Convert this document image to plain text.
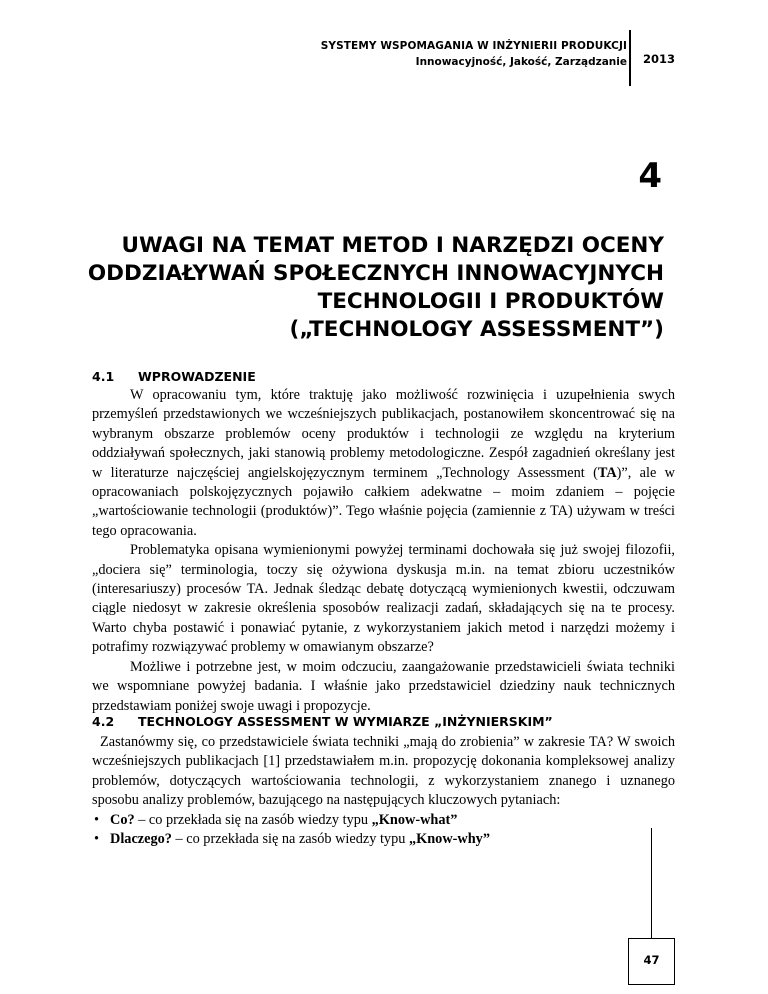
SYSTEMY WSPOMAGANIA W INŻYNIERII PRODUKCJI
Innowacyjność, Jakość, Zarządzanie 2013
4
UWAGI NA TEMAT METOD I NARZĘDZI OCENY
ODDZIAŁYWAŃ SPOŁECZNYCH INNOWACYJNYCH
TECHNOLOGII I PRODUKTÓW
(„TECHNOLOGY ASSESSMENT”)
4.1 WPROWADZENIE

W opracowaniu tym, które traktuję jako możliwość rozwinięcia i uzupełnienia swych przemyśleń przedstawionych we wcześniejszych publikacjach, postanowiłem skoncentrować się na wybranym obszarze problemów oceny produktów i technologii ze względu na kryterium oddziaływań społecznych, jaki stanowią problemy metodologiczne. Zespół zagadnień określany jest w literaturze najczęściej angielskojęzycznym terminem „Technology Assessment (TA)”, ale w opracowaniach polskojęzycznych pojawiło całkiem adekwatne – moim zdaniem – pojęcie „wartościowanie technologii (produktów)”. Tego właśnie pojęcia (zamiennie z TA) używam w treści tego opracowania.

Problematyka opisana wymienionymi powyżej terminami dochowała się już swojej filozofii, „dociera się” terminologia, toczy się ożywiona dyskusja m.in. na temat zbioru uczestników (interesariuszy) procesów TA. Jednak śledząc debatę dotyczącą wymienionych kwestii, odczuwam ciągle niedosyt w zakresie określenia sposobów realizacji zadań, składających się na te procesy. Warto chyba postawić i ponawiać pytanie, z wykorzystaniem jakich metod i narzędzi możemy i potrafimy rozwiązywać problemy w omawianym obszarze?

Możliwe i potrzebne jest, w moim odczuciu, zaangażowanie przedstawicieli świata techniki we wspomniane powyżej badania. I właśnie jako przedstawiciel dziedziny nauk technicznych przedstawiam poniżej swoje uwagi i propozycje.

4.2 TECHNOLOGY ASSESSMENT W WYMIARZE „INŻYNIERSKIM”

Zastanówmy się, co przedstawiciele świata techniki „mają do zrobienia” w zakresie TA? W swoich wcześniejszych publikacjach [1] przedstawiałem m.in. propozycję dokonania kompleksowej analizy problemów, dotyczących wartościowania technologii, z wykorzystaniem znanego i uznanego sposobu analizy problemów, bazującego na następujących kluczowych pytaniach:

• Co? – co przekłada się na zasób wiedzy typu „Know-what”
• Dlaczego? – co przekłada się na zasób wiedzy typu „Know-why”
47
